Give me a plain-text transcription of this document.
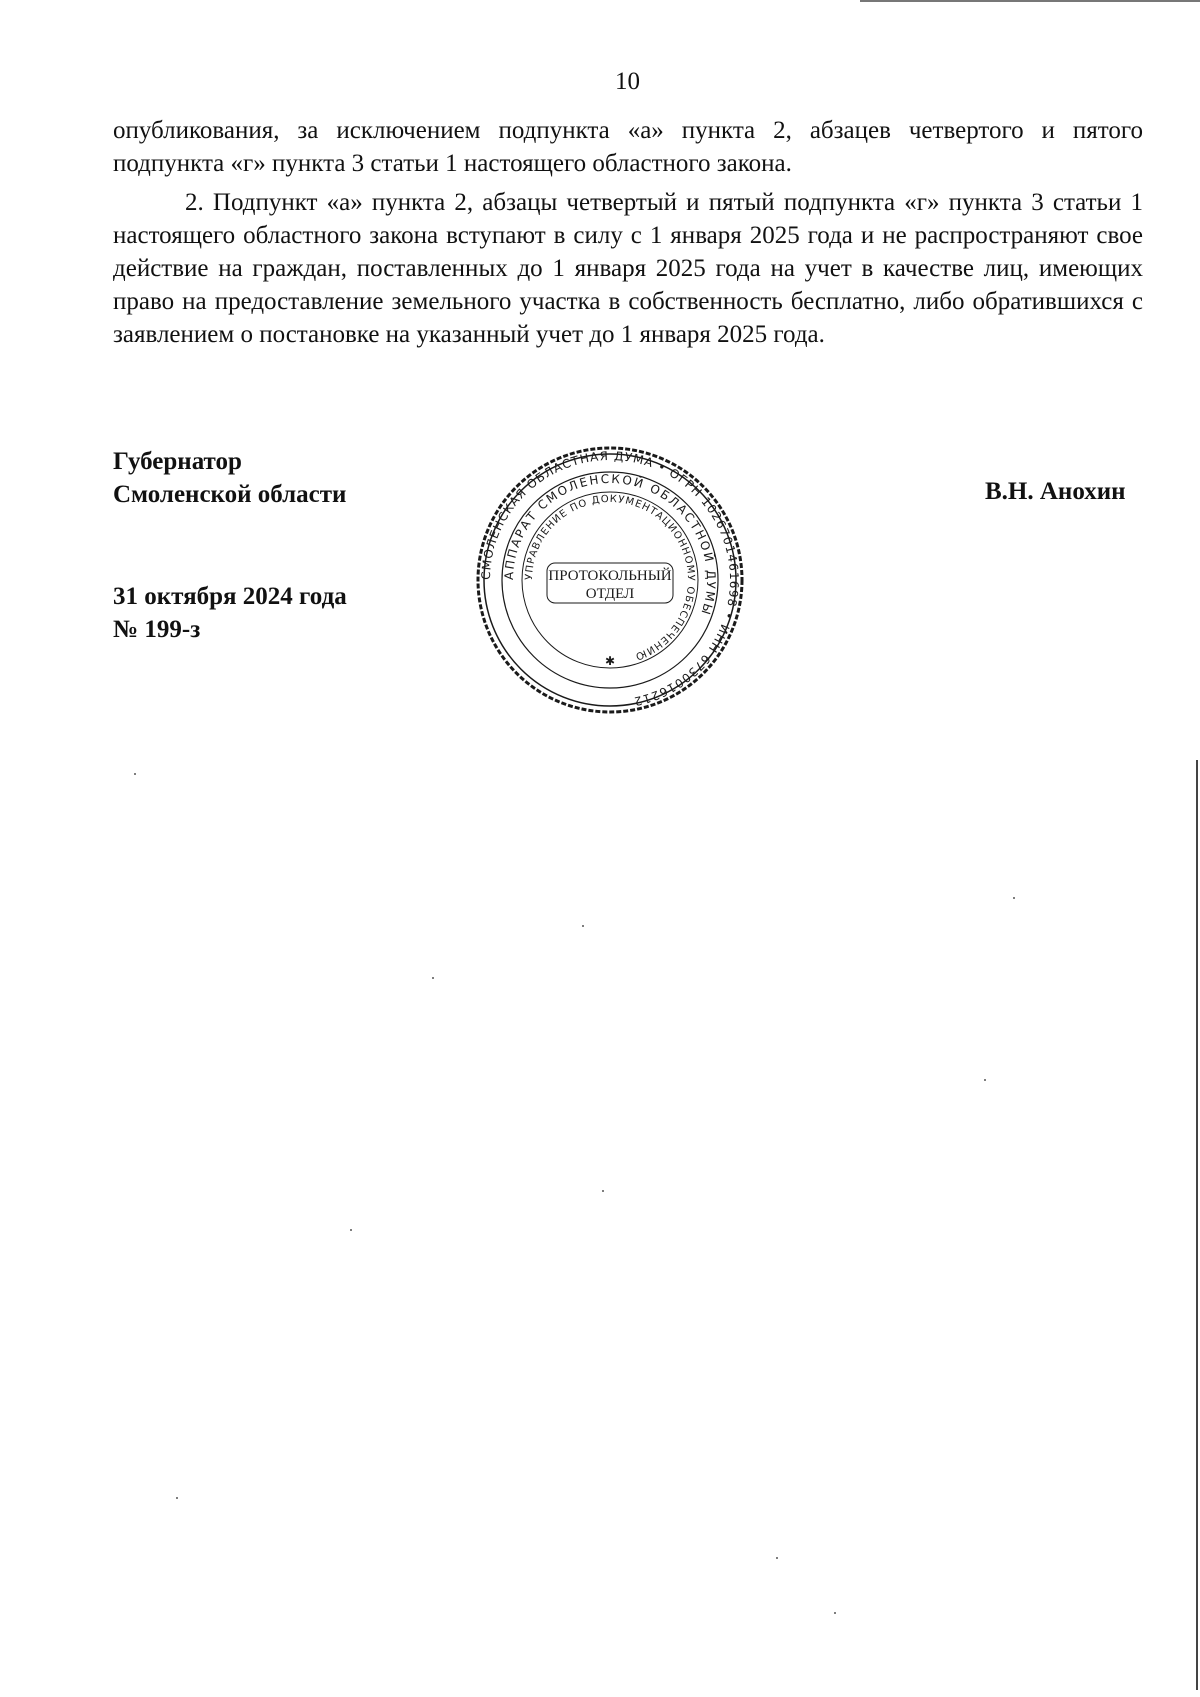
10

опубликования, за исключением подпункта «а» пункта 2, абзацев четвертого и пятого подпункта «г» пункта 3 статьи 1 настоящего областного закона.

2. Подпункт «а» пункта 2, абзацы четвертый и пятый подпункта «г» пункта 3 статьи 1 настоящего областного закона вступают в силу с 1 января 2025 года и не распространяют свое действие на граждан, поставленных до 1 января 2025 года на учет в качестве лиц, имеющих право на предоставление земельного участка в собственность бесплатно, либо обратившихся с заявлением о постановке на указанный учет до 1 января 2025 года.

Губернатор
Смоленской области	В.Н. Анохин
31 октября 2024 года
№ 199-з
СМОЛЕНСКАЯ ОБЛАСТНАЯ ДУМА • ОГРН 1026701461698 • ИНН 6730016212
АППАРАТ СМОЛЕНСКОЙ ОБЛАСТНОЙ ДУМЫ
УПРАВЛЕНИЕ ПО ДОКУМЕНТАЦИОННОМУ ОБЕСПЕЧЕНИЮ
ПРОТОКОЛЬНЫЙ
ОТДЕЛ
✱
